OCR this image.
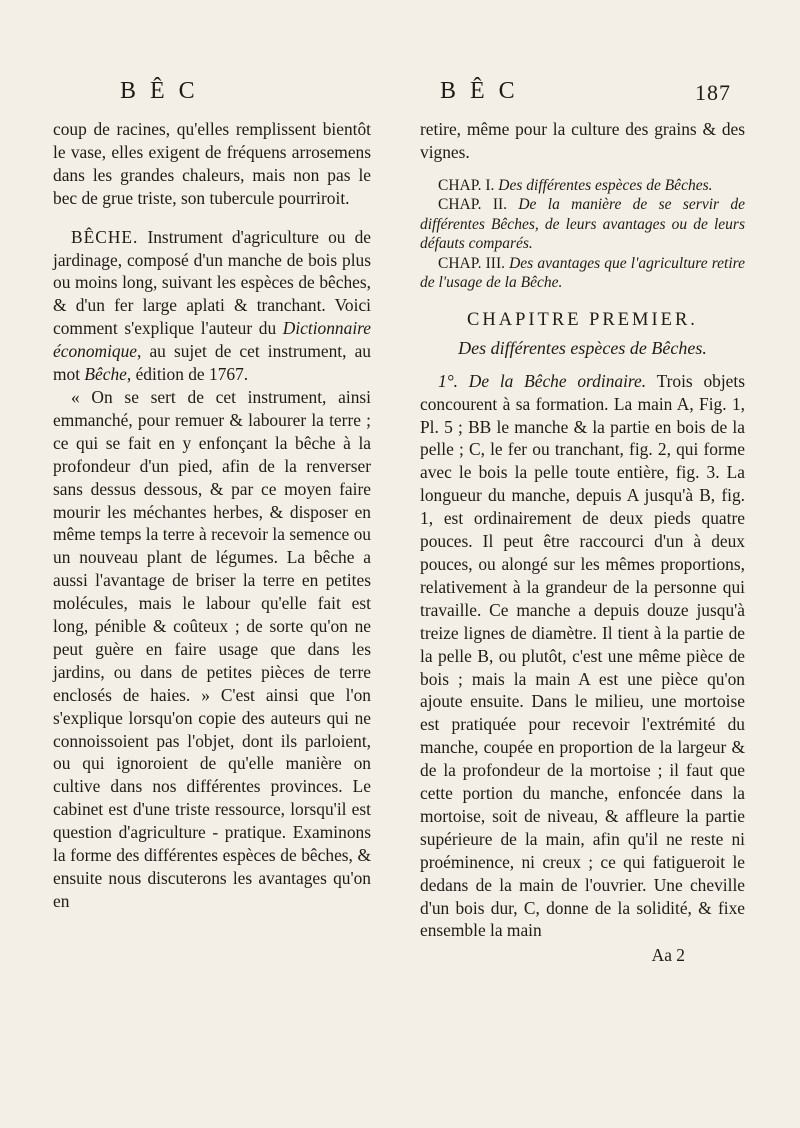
BÊC	BÊC	187

coup de racines, qu'elles remplissent bientôt le vase, elles exigent de fréquens arrosemens dans les grandes chaleurs, mais non pas le bec de grue triste, son tubercule pourriroit.

BÊCHE. Instrument d'agriculture ou de jardinage, composé d'un manche de bois plus ou moins long, suivant les espèces de bêches, & d'un fer large aplati & tranchant. Voici comment s'explique l'auteur du Dictionnaire économique, au sujet de cet instrument, au mot Bêche, édition de 1767.

« On se sert de cet instrument, ainsi emmanché, pour remuer & labourer la terre ; ce qui se fait en y enfonçant la bêche à la profondeur d'un pied, afin de la renverser sans dessus dessous, & par ce moyen faire mourir les méchantes herbes, & disposer en même temps la terre à recevoir la semence ou un nouveau plant de légumes. La bêche a aussi l'avantage de briser la terre en petites molécules, mais le labour qu'elle fait est long, pénible & coûteux ; de sorte qu'on ne peut guère en faire usage que dans les jardins, ou dans de petites pièces de terre enclosés de haies. » C'est ainsi que l'on s'explique lorsqu'on copie des auteurs qui ne connoissoient pas l'objet, dont ils parloient, ou qui ignoroient de qu'elle manière on cultive dans nos différentes provinces. Le cabinet est d'une triste ressource, lorsqu'il est question d'agriculture - pratique. Examinons la forme des différentes espèces de bêches, & ensuite nous discuterons les avantages qu'on en

retire, même pour la culture des grains & des vignes.

CHAP. I. Des différentes espèces de Bêches.

CHAP. II. De la manière de se servir de différentes Bêches, de leurs avantages ou de leurs défauts comparés.

CHAP. III. Des avantages que l'agriculture retire de l'usage de la Bêche.

CHAPITRE PREMIER.

Des différentes espèces de Bêches.

1°. De la Bêche ordinaire. Trois objets concourent à sa formation. La main A, Fig. 1, Pl. 5 ; BB le manche & la partie en bois de la pelle ; C, le fer ou tranchant, fig. 2, qui forme avec le bois la pelle toute entière, fig. 3. La longueur du manche, depuis A jusqu'à B, fig. 1, est ordinairement de deux pieds quatre pouces. Il peut être raccourci d'un à deux pouces, ou alongé sur les mêmes proportions, relativement à la grandeur de la personne qui travaille. Ce manche a depuis douze jusqu'à treize lignes de diamètre. Il tient à la partie de la pelle B, ou plutôt, c'est une même pièce de bois ; mais la main A est une pièce qu'on ajoute ensuite. Dans le milieu, une mortoise est pratiquée pour recevoir l'extrémité du manche, coupée en proportion de la largeur & de la profondeur de la mortoise ; il faut que cette portion du manche, enfoncée dans la mortoise, soit de niveau, & affleure la partie supérieure de la main, afin qu'il ne reste ni proéminence, ni creux ; ce qui fatigueroit le dedans de la main de l'ouvrier. Une cheville d'un bois dur, C, donne de la solidité, & fixe ensemble la main

Aa 2
